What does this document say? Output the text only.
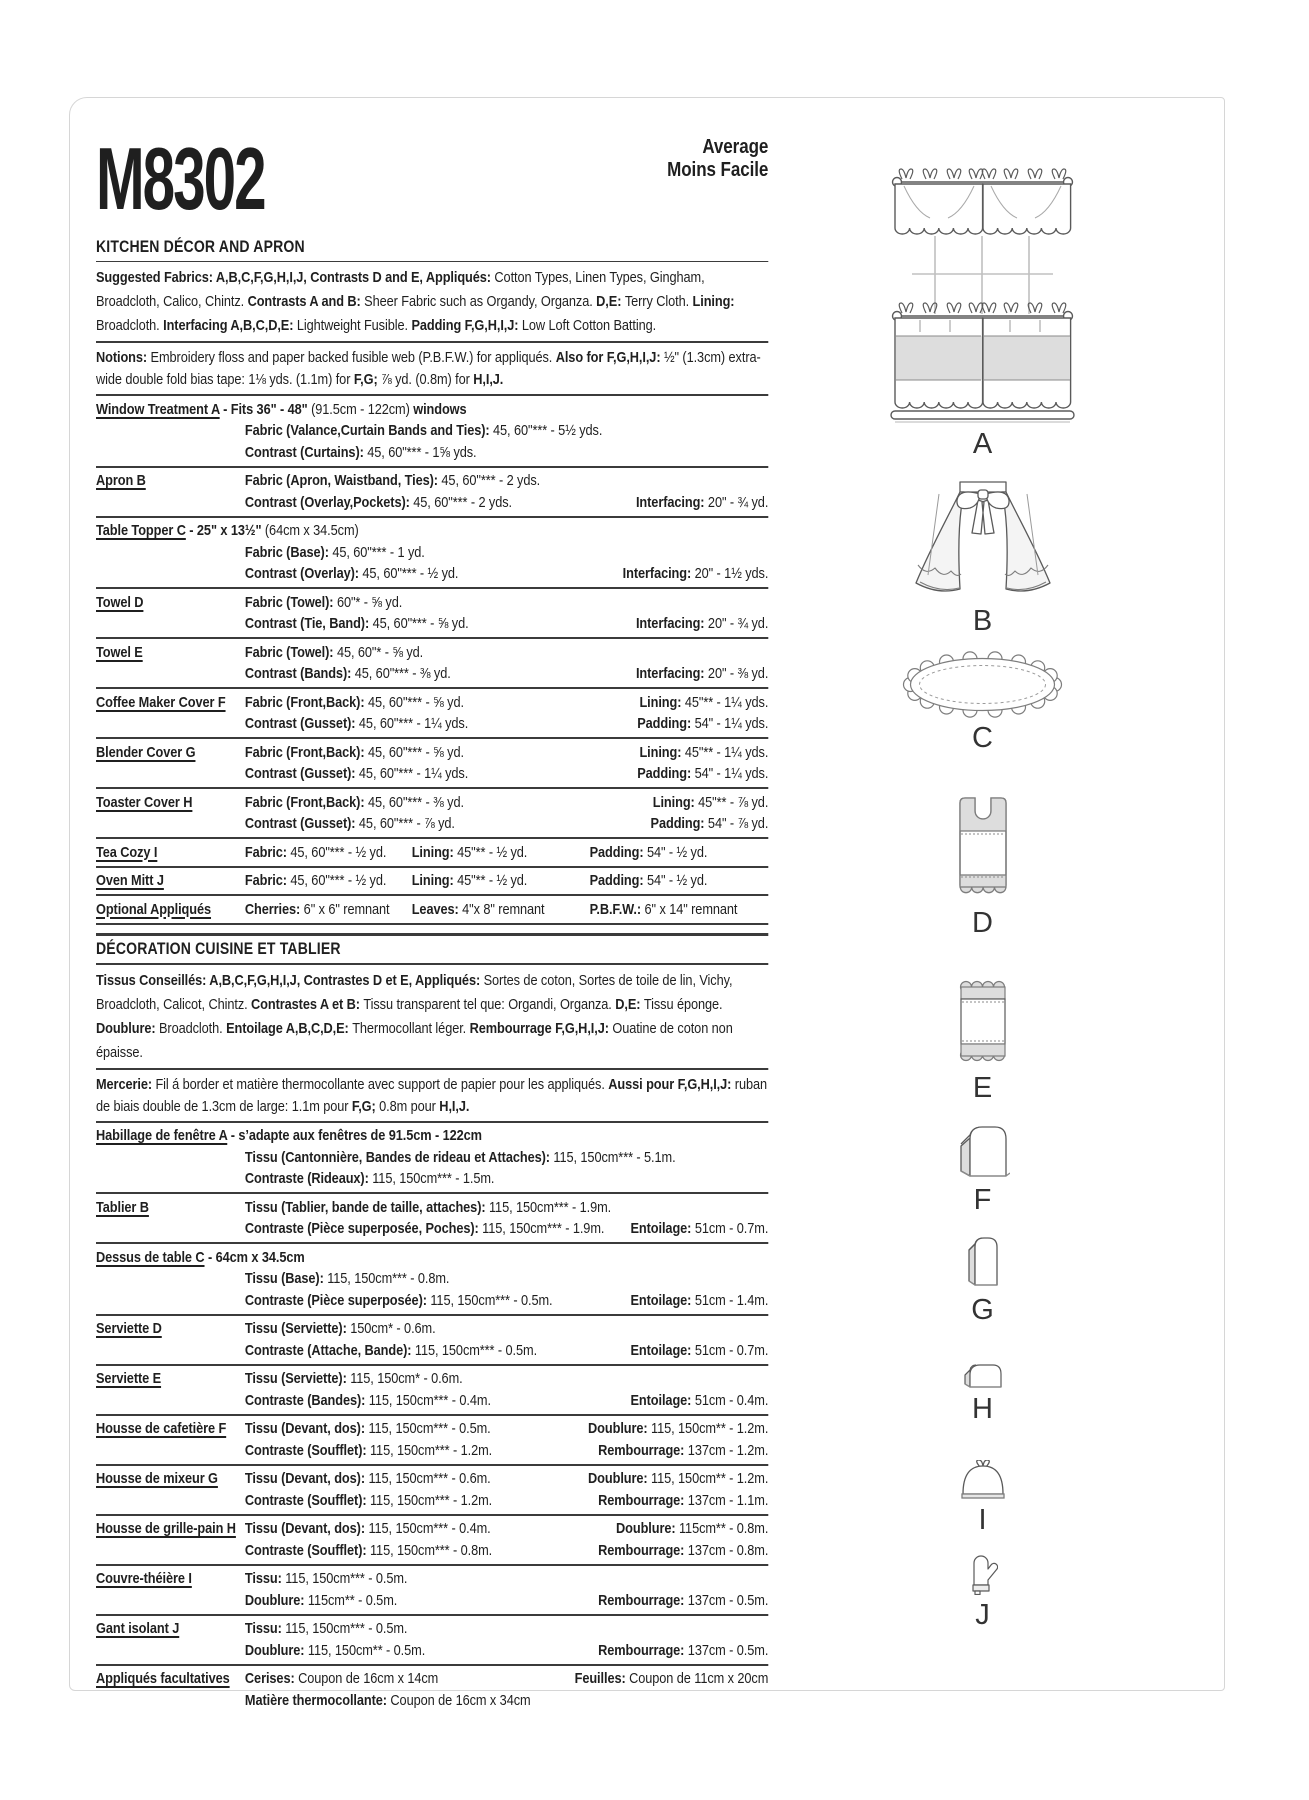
M8302	Average
Moins Facile
KITCHEN DÉCOR AND APRON
Suggested Fabrics: A,B,C,F,G,H,I,J, Contrasts D and E, Appliqués: Cotton Types, Linen Types, Gingham, Broadcloth, Calico, Chintz. Contrasts A and B: Sheer Fabric such as Organdy, Organza. D,E: Terry Cloth. Lining: Broadcloth. Interfacing A,B,C,D,E: Lightweight Fusible. Padding F,G,H,I,J: Low Loft Cotton Batting.
Notions: Embroidery floss and paper backed fusible web (P.B.F.W.) for appliqués. Also for F,G,H,I,J: ½" (1.3cm) extra-wide double fold bias tape: 1⅛ yds. (1.1m) for F,G; ⅞ yd. (0.8m) for H,I,J.
Window Treatment A - Fits 36" - 48" (91.5cm - 122cm) windows
Fabric (Valance,Curtain Bands and Ties): 45, 60"*** - 5½ yds.
Contrast (Curtains): 45, 60"*** - 1⅝ yds.
Apron B	Fabric (Apron, Waistband, Ties): 45, 60"*** - 2 yds.
Contrast (Overlay,Pockets): 45, 60"*** - 2 yds.	Interfacing: 20" - ¾ yd.
Table Topper C - 25" x 13½" (64cm x 34.5cm)
Fabric (Base): 45, 60"*** - 1 yd.
Contrast (Overlay): 45, 60"*** - ½ yd.	Interfacing: 20" - 1½ yds.
Towel D	Fabric (Towel): 60"* - ⅝ yd.
Contrast (Tie, Band): 45, 60"*** - ⅝ yd.	Interfacing: 20" - ¾ yd.
Towel E	Fabric (Towel): 45, 60"* - ⅝ yd.
Contrast (Bands): 45, 60"*** - ⅜ yd.	Interfacing: 20" - ⅜ yd.
Coffee Maker Cover F	Fabric (Front,Back): 45, 60"*** - ⅝ yd.	Lining: 45"** - 1¼ yds.
Contrast (Gusset): 45, 60"*** - 1¼ yds.	Padding: 54" - 1¼ yds.
Blender Cover G	Fabric (Front,Back): 45, 60"*** - ⅝ yd.	Lining: 45"** - 1¼ yds.
Contrast (Gusset): 45, 60"*** - 1¼ yds.	Padding: 54" - 1¼ yds.
Toaster Cover H	Fabric (Front,Back): 45, 60"*** - ⅜ yd.	Lining: 45"** - ⅞ yd.
Contrast (Gusset): 45, 60"*** - ⅞ yd.	Padding: 54" - ⅞ yd.
Tea Cozy I	Fabric: 45, 60"*** - ½ yd.	Lining: 45"** - ½ yd.	Padding: 54" - ½ yd.
Oven Mitt J	Fabric: 45, 60"*** - ½ yd.	Lining: 45"** - ½ yd.	Padding: 54" - ½ yd.
Optional Appliqués	Cherries: 6" x 6" remnant	Leaves: 4"x 8" remnant	P.B.F.W.: 6" x 14" remnant
DÉCORATION CUISINE ET TABLIER
Tissus Conseillés: A,B,C,F,G,H,I,J, Contrastes D et E, Appliqués: Sortes de coton, Sortes de toile de lin, Vichy, Broadcloth, Calicot, Chintz. Contrastes A et B: Tissu transparent tel que: Organdi, Organza. D,E: Tissu éponge. Doublure: Broadcloth. Entoilage A,B,C,D,E: Thermocollant léger. Rembourrage F,G,H,I,J: Ouatine de coton non épaisse.
Mercerie: Fil á border et matière thermocollante avec support de papier pour les appliqués. Aussi pour F,G,H,I,J: ruban de biais double de 1.3cm de large: 1.1m pour F,G; 0.8m pour H,I,J.
Habillage de fenêtre A - s’adapte aux fenêtres de 91.5cm - 122cm
Tissu (Cantonnière, Bandes de rideau et Attaches): 115, 150cm*** - 5.1m.
Contraste (Rideaux): 115, 150cm*** - 1.5m.
Tablier B	Tissu (Tablier, bande de taille, attaches): 115, 150cm*** - 1.9m.
Contraste (Pièce superposée, Poches): 115, 150cm*** - 1.9m. Entoilage: 51cm - 0.7m.
Dessus de table C - 64cm x 34.5cm
Tissu (Base): 115, 150cm*** - 0.8m.
Contraste (Pièce superposée): 115, 150cm*** - 0.5m.	Entoilage: 51cm - 1.4m.
Serviette D	Tissu (Serviette): 150cm* - 0.6m.
Contraste (Attache, Bande): 115, 150cm*** - 0.5m.	Entoilage: 51cm - 0.7m.
Serviette E	Tissu (Serviette): 115, 150cm* - 0.6m.
Contraste (Bandes): 115, 150cm*** - 0.4m.	Entoilage: 51cm - 0.4m.
Housse de cafetière F	Tissu (Devant, dos): 115, 150cm*** - 0.5m.	Doublure: 115, 150cm** - 1.2m.
Contraste (Soufflet): 115, 150cm*** - 1.2m.	Rembourrage: 137cm - 1.2m.
Housse de mixeur G	Tissu (Devant, dos): 115, 150cm*** - 0.6m.	Doublure: 115, 150cm** - 1.2m.
Contraste (Soufflet): 115, 150cm*** - 1.2m.	Rembourrage: 137cm - 1.1m.
Housse de grille-pain H Tissu (Devant, dos): 115, 150cm*** - 0.4m.	Doublure: 115cm** - 0.8m.
Contraste (Soufflet): 115, 150cm*** - 0.8m.	Rembourrage: 137cm - 0.8m.
Couvre-théière I	Tissu: 115, 150cm*** - 0.5m.
Doublure: 115cm** - 0.5m.	Rembourrage: 137cm - 0.5m.
Gant isolant J	Tissu: 115, 150cm*** - 0.5m.
Doublure: 115, 150cm** - 0.5m.	Rembourrage: 137cm - 0.5m.
Appliqués facultatives	Cerises: Coupon de 16cm x 14cm	Feuilles: Coupon de 11cm x 20cm
Matière thermocollante: Coupon de 16cm x 34cm
A
B
C
D
E
F
G
H
I
J
